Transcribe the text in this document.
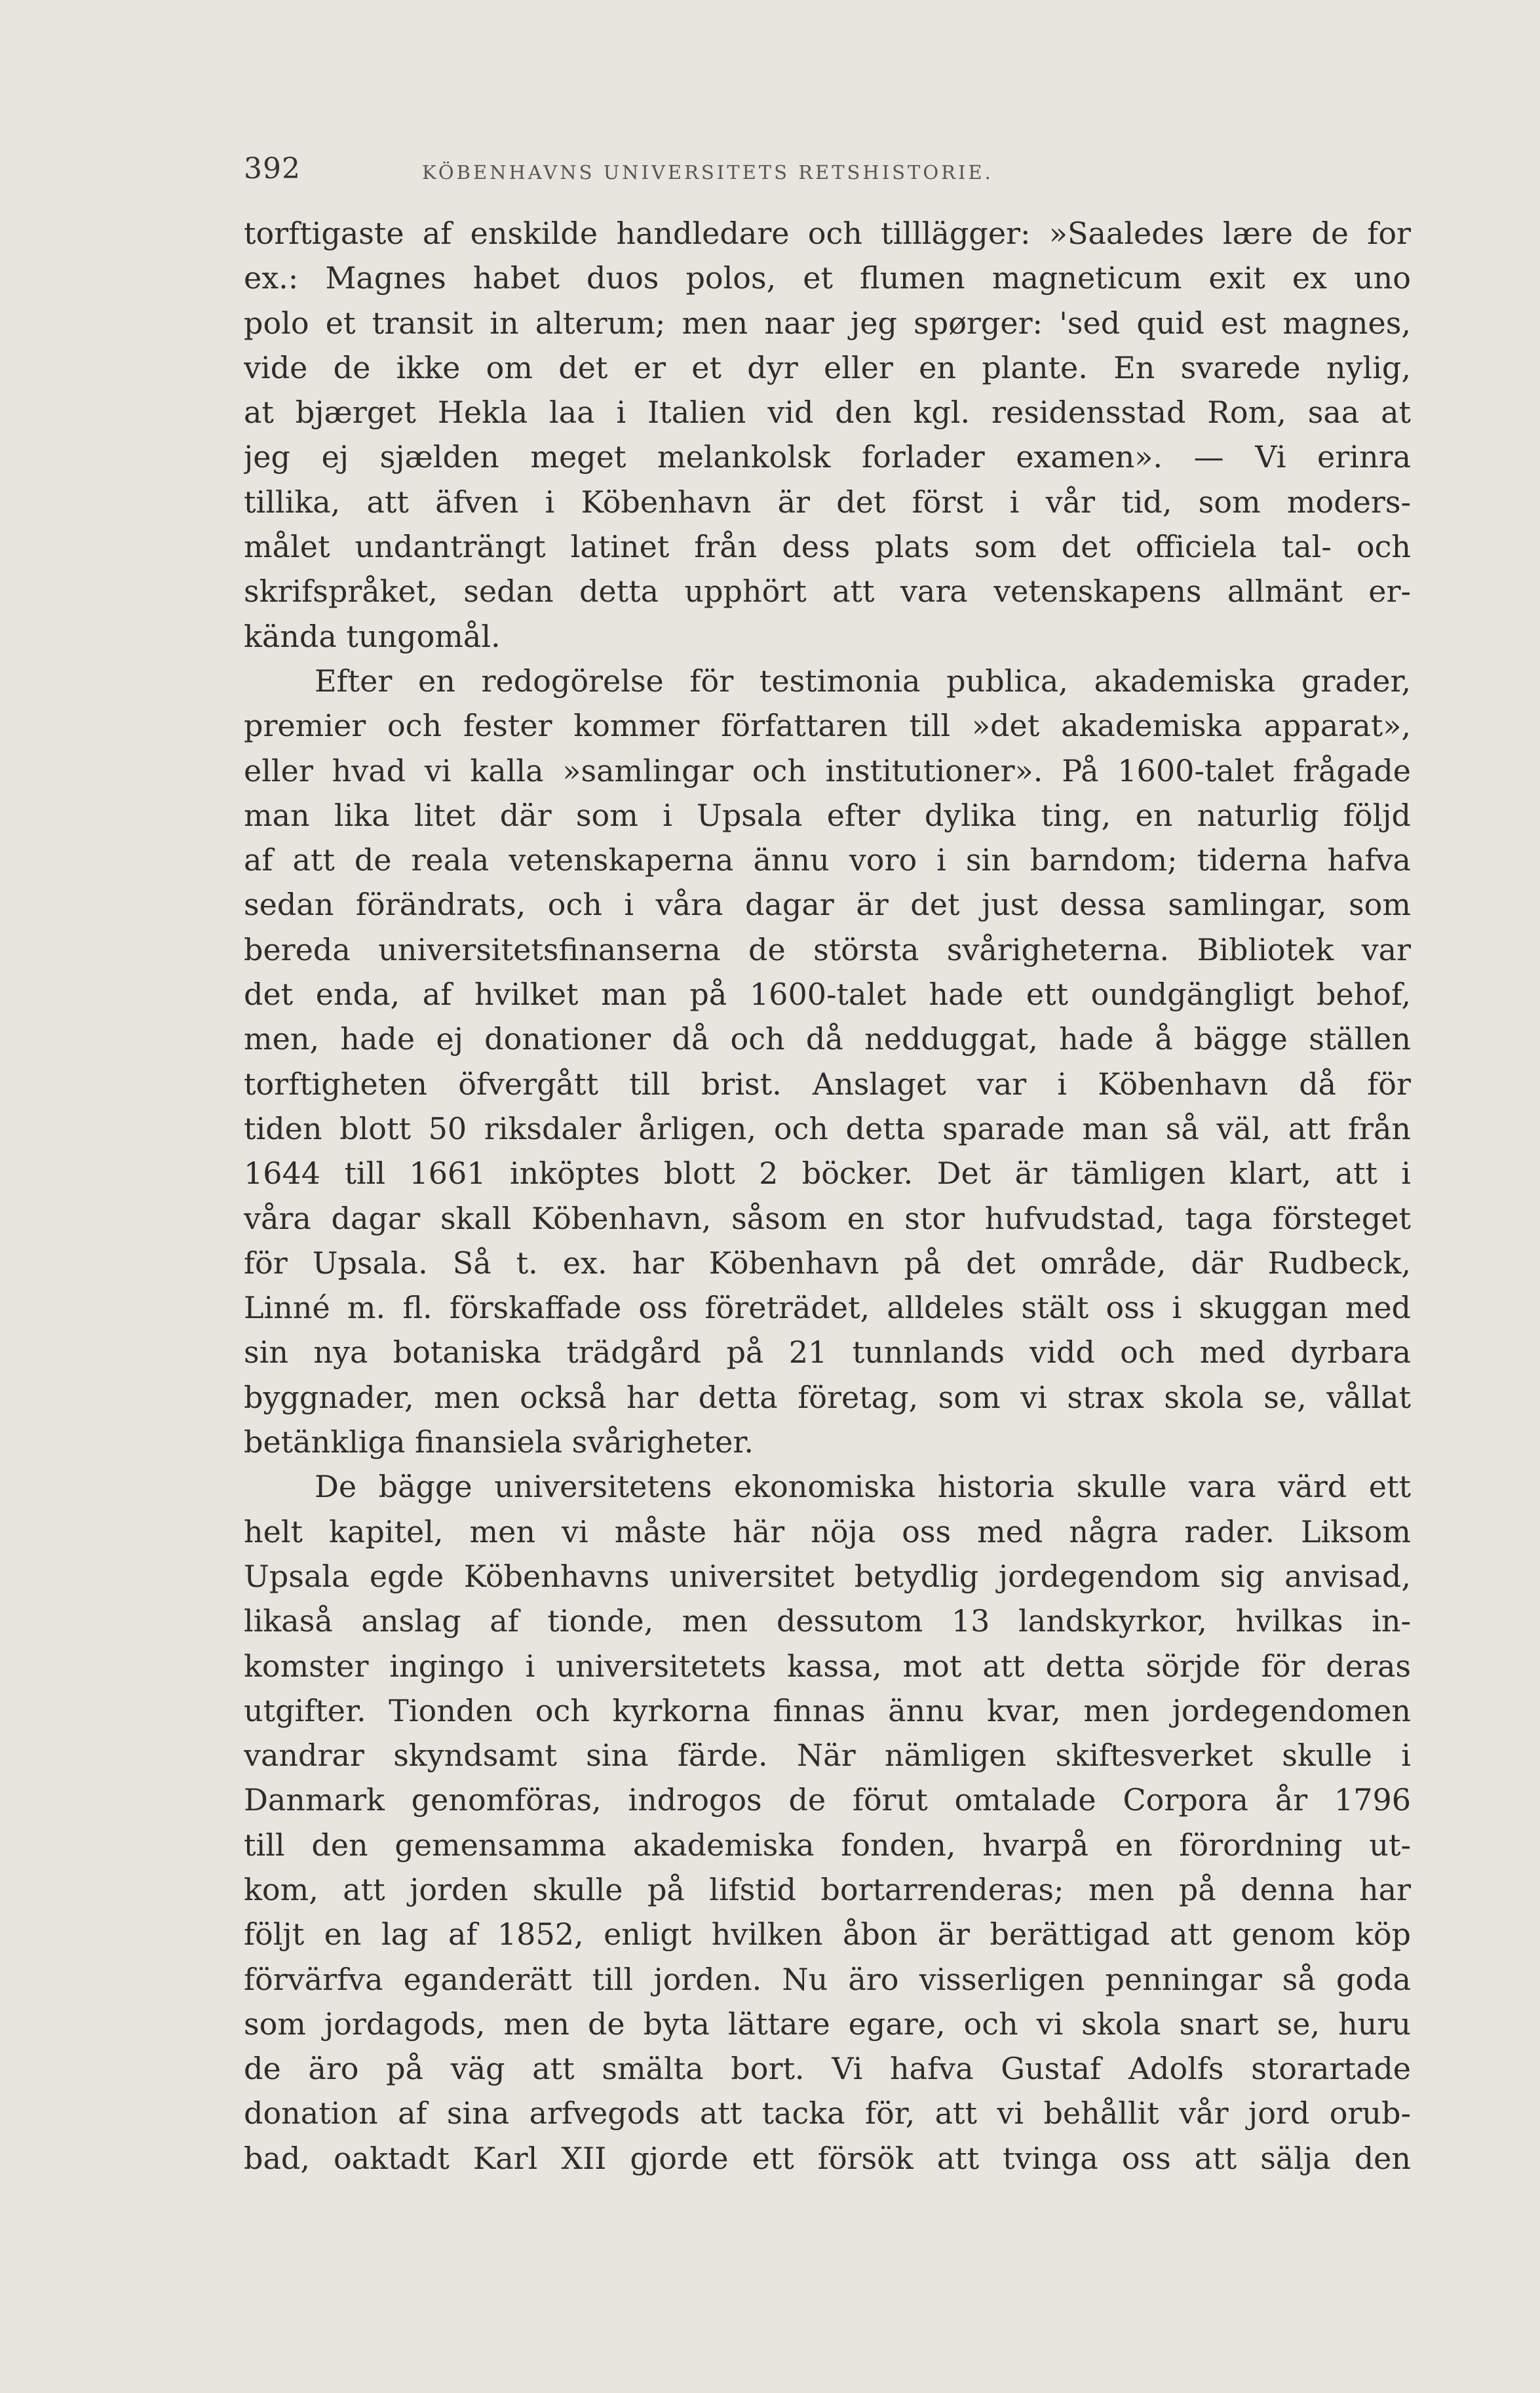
392	KÖBENHAVNS UNIVERSITETS RETSHISTORIE.
torftigaste af enskilde handledare och tilllägger: »Saaledes lære de for
ex.: Magnes habet duos polos, et flumen magneticum exit ex uno
polo et transit in alterum; men naar jeg spørger: 'sed quid est magnes,
vide de ikke om det er et dyr eller en plante. En svarede nylig,
at bjærget Hekla laa i Italien vid den kgl. residensstad Rom, saa at
jeg ej sjælden meget melankolsk forlader examen». — Vi erinra
tillika, att äfven i Köbenhavn är det först i vår tid, som moders-
målet undanträngt latinet från dess plats som det officiela tal- och
skrifspråket, sedan detta upphört att vara vetenskapens allmänt er-
kända tungomål.
Efter en redogörelse för testimonia publica, akademiska grader,
premier och fester kommer författaren till »det akademiska apparat»,
eller hvad vi kalla »samlingar och institutioner». På 1600-talet frågade
man lika litet där som i Upsala efter dylika ting, en naturlig följd
af att de reala vetenskaperna ännu voro i sin barndom; tiderna hafva
sedan förändrats, och i våra dagar är det just dessa samlingar, som
bereda universitetsfinanserna de största svårigheterna. Bibliotek var
det enda, af hvilket man på 1600-talet hade ett oundgängligt behof,
men, hade ej donationer då och då nedduggat, hade å bägge ställen
torftigheten öfvergått till brist. Anslaget var i Köbenhavn då för
tiden blott 50 riksdaler årligen, och detta sparade man så väl, att från
1644 till 1661 inköptes blott 2 böcker. Det är tämligen klart, att i
våra dagar skall Köbenhavn, såsom en stor hufvudstad, taga försteget
för Upsala. Så t. ex. har Köbenhavn på det område, där Rudbeck,
Linné m. fl. förskaffade oss företrädet, alldeles stält oss i skuggan med
sin nya botaniska trädgård på 21 tunnlands vidd och med dyrbara
byggnader, men också har detta företag, som vi strax skola se, vållat
betänkliga finansiela svårigheter.
De bägge universitetens ekonomiska historia skulle vara värd ett
helt kapitel, men vi måste här nöja oss med några rader. Liksom
Upsala egde Köbenhavns universitet betydlig jordegendom sig anvisad,
likaså anslag af tionde, men dessutom 13 landskyrkor, hvilkas in-
komster ingingo i universitetets kassa, mot att detta sörjde för deras
utgifter. Tionden och kyrkorna finnas ännu kvar, men jordegendomen
vandrar skyndsamt sina färde. När nämligen skiftesverket skulle i
Danmark genomföras, indrogos de förut omtalade Corpora år 1796
till den gemensamma akademiska fonden, hvarpå en förordning ut-
kom, att jorden skulle på lifstid bortarrenderas; men på denna har
följt en lag af 1852, enligt hvilken åbon är berättigad att genom köp
förvärfva eganderätt till jorden. Nu äro visserligen penningar så goda
som jordagods, men de byta lättare egare, och vi skola snart se, huru
de äro på väg att smälta bort. Vi hafva Gustaf Adolfs storartade
donation af sina arfvegods att tacka för, att vi behållit vår jord orub-
bad, oaktadt Karl XII gjorde ett försök att tvinga oss att sälja den
